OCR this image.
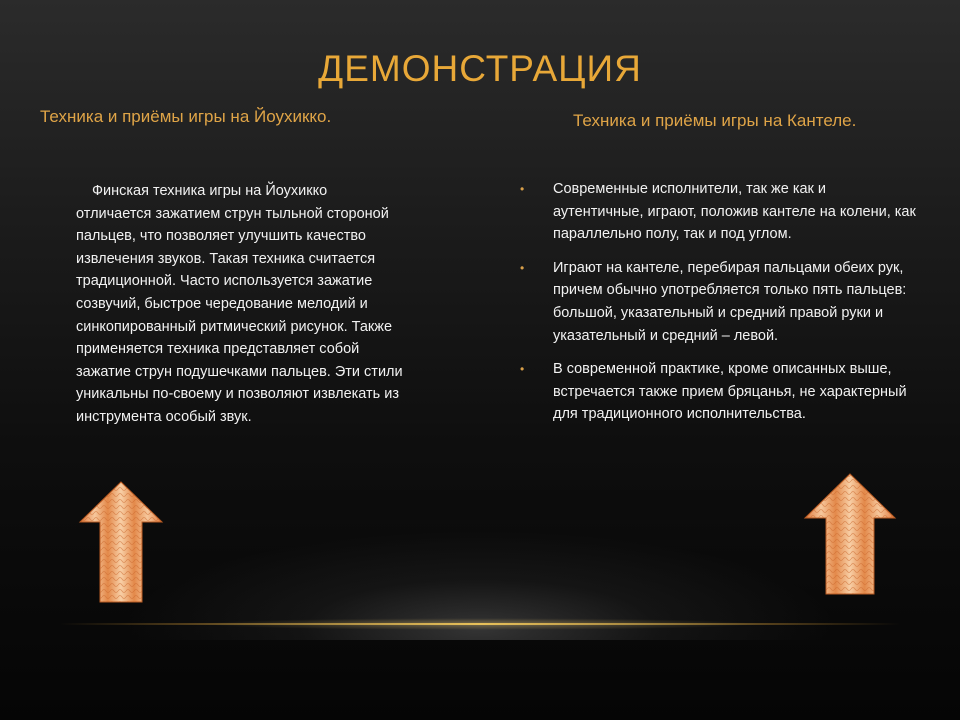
ДЕМОНСТРАЦИЯ
Техника и приёмы игры на Йоухикко.	Техника и приёмы игры на Кантеле.

Финская техника игры на Йоухикко отличается зажатием струн тыльной стороной пальцев, что позволяет улучшить качество извлечения звуков. Такая техника считается традиционной. Часто используется зажатие созвучий, быстрое чередование мелодий и синкопированный ритмический рисунок. Также применяется техника представляет собой зажатие струн подушечками пальцев. Эти стили уникальны по-своему и позволяют извлекать из инструмента особый звук.

• Современные исполнители, так же как и аутентичные, играют, положив кантеле на колени, как параллельно полу, так и под углом.
• Играют на кантеле, перебирая пальцами обеих рук, причем обычно употребляется только пять пальцев: большой, указательный и средний правой руки и указательный и средний – левой.
• В современной практике, кроме описанных выше, встречается также прием бряцанья, не характерный для традиционного исполнительства.
